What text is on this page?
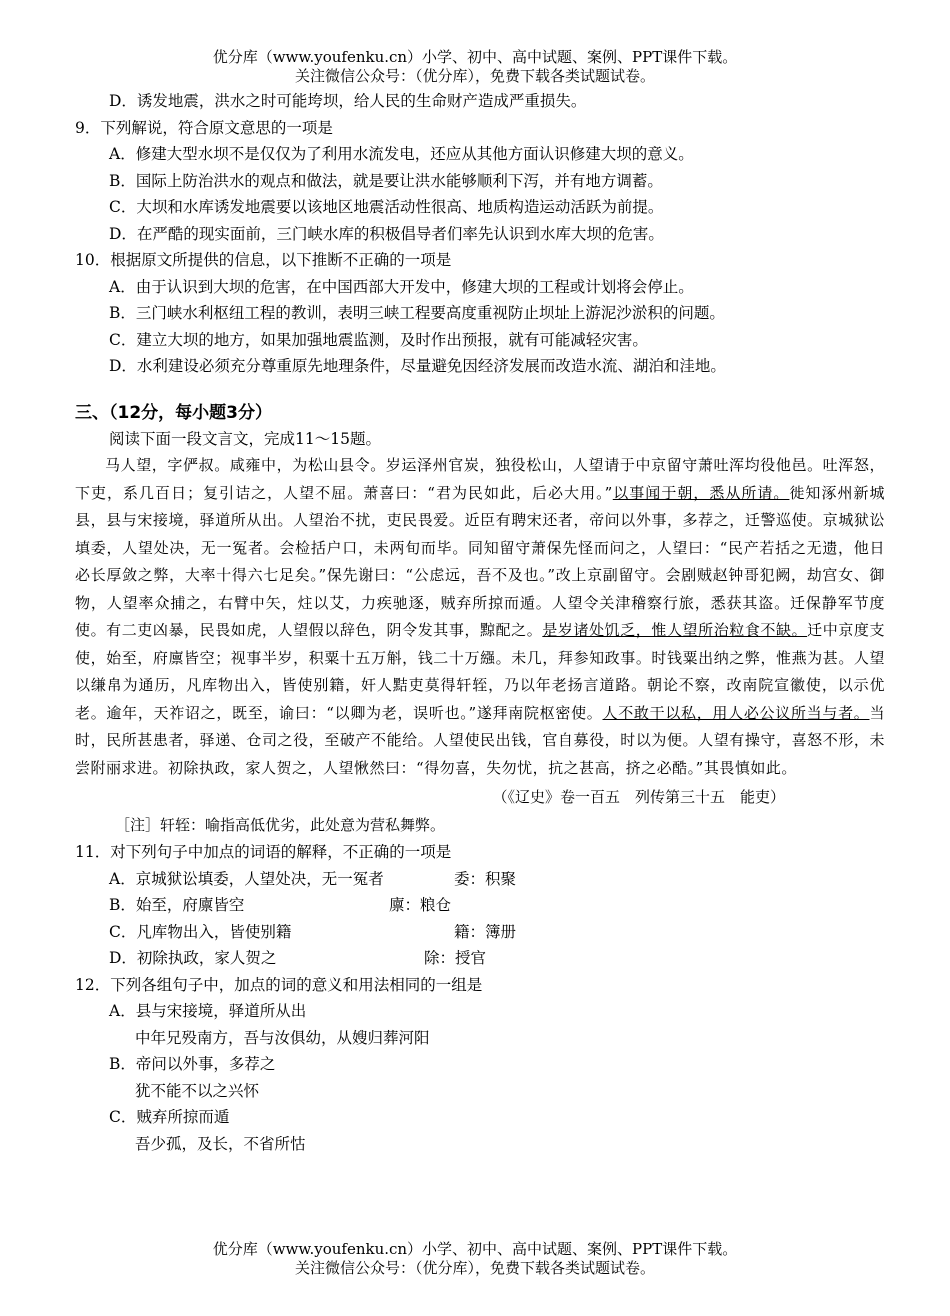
优分库（www.youfenku.cn）小学、初中、高中试题、案例、PPT课件下载。
关注微信公众号：（优分库），免费下载各类试题试卷。
D．诱发地震，洪水之时可能垮坝，给人民的生命财产造成严重损失。
9．下列解说，符合原文意思的一项是
A．修建大型水坝不是仅仅为了利用水流发电，还应从其他方面认识修建大坝的意义。
B．国际上防治洪水的观点和做法，就是要让洪水能够顺利下泻，并有地方调蓄。
C．大坝和水库诱发地震要以该地区地震活动性很高、地质构造运动活跃为前提。
D．在严酷的现实面前，三门峡水库的积极倡导者们率先认识到水库大坝的危害。
10．根据原文所提供的信息，以下推断不正确的一项是
A．由于认识到大坝的危害，在中国西部大开发中，修建大坝的工程或计划将会停止。
B．三门峡水利枢纽工程的教训，表明三峡工程要高度重视防止坝址上游泥沙淤积的问题。
C．建立大坝的地方，如果加强地震监测，及时作出预报，就有可能减轻灾害。
D．水利建设必须充分尊重原先地理条件，尽量避免因经济发展而改造水流、湖泊和洼地。
三、（12分，每小题3分）
阅读下面一段文言文，完成11～15题。

马人望，字俨叔。咸雍中，为松山县令。岁运泽州官炭，独役松山，人望请于中京留守萧吐浑均役他邑。吐浑怒，下吏，系几百日；复引诘之，人望不屈。萧喜曰：“君为民如此，后必大用。”以事闻于朝，悉从所请。徙知涿州新城县，县与宋接境，驿道所从出。人望治不扰，吏民畏爱。近臣有聘宋还者，帝问以外事，多荐之，迁警巡使。京城狱讼填委，人望处决，无一冤者。会检括户口，未两旬而毕。同知留守萧保先怪而问之，人望曰：“民产若括之无遗，他日必长厚敛之弊，大率十得六七足矣。”保先谢曰：“公虑远，吾不及也。”改上京副留守。会剧贼赵钟哥犯阙，劫宫女、御物，人望率众捕之，右臂中矢，炷以艾，力疾驰逐，贼弃所掠而遁。人望令关津稽察行旅，悉获其盗。迁保静军节度使。有二吏凶暴，民畏如虎，人望假以辞色，阴令发其事，黥配之。是岁诸处饥乏，惟人望所治粒食不缺。迁中京度支使，始至，府廪皆空；视事半岁，积粟十五万斛，钱二十万繦。未几，拜参知政事。时钱粟出纳之弊，惟燕为甚。人望以缣帛为通历，凡库物出入，皆使别籍，奸人黠吏莫得轩轾，乃以年老扬言道路。朝论不察，改南院宣徽使，以示优老。逾年，天祚诏之，既至，谕曰：“以卿为老，误听也。”遂拜南院枢密使。人不敢干以私，用人必公议所当与者。当时，民所甚患者，驿递、仓司之役，至破产不能给。人望使民出钱，官自募役，时以为便。人望有操守，喜怒不形，未尝附丽求进。初除执政，家人贺之，人望愀然曰：“得勿喜，失勿忧，抗之甚高，挤之必酷。”其畏慎如此。

（《辽史》卷一百五　列传第三十五　能吏）
［注］轩轾：喻指高低优劣，此处意为营私舞弊。
11．对下列句子中加点的词语的解释，不正确的一项是
A．京城狱讼填委，人望处决，无一冤者	委：积聚
B．始至，府廪皆空	廪：粮仓
C．凡库物出入，皆使别籍	籍：簿册
D．初除执政，家人贺之	除：授官
12．下列各组句子中，加点的词的意义和用法相同的一组是
A．县与宋接境，驿道所从出
中年兄殁南方，吾与汝俱幼，从嫂归葬河阳
B．帝问以外事，多荐之
犹不能不以之兴怀
C．贼弃所掠而遁
吾少孤，及长，不省所怙
优分库（www.youfenku.cn）小学、初中、高中试题、案例、PPT课件下载。
关注微信公众号：（优分库），免费下载各类试题试卷。
